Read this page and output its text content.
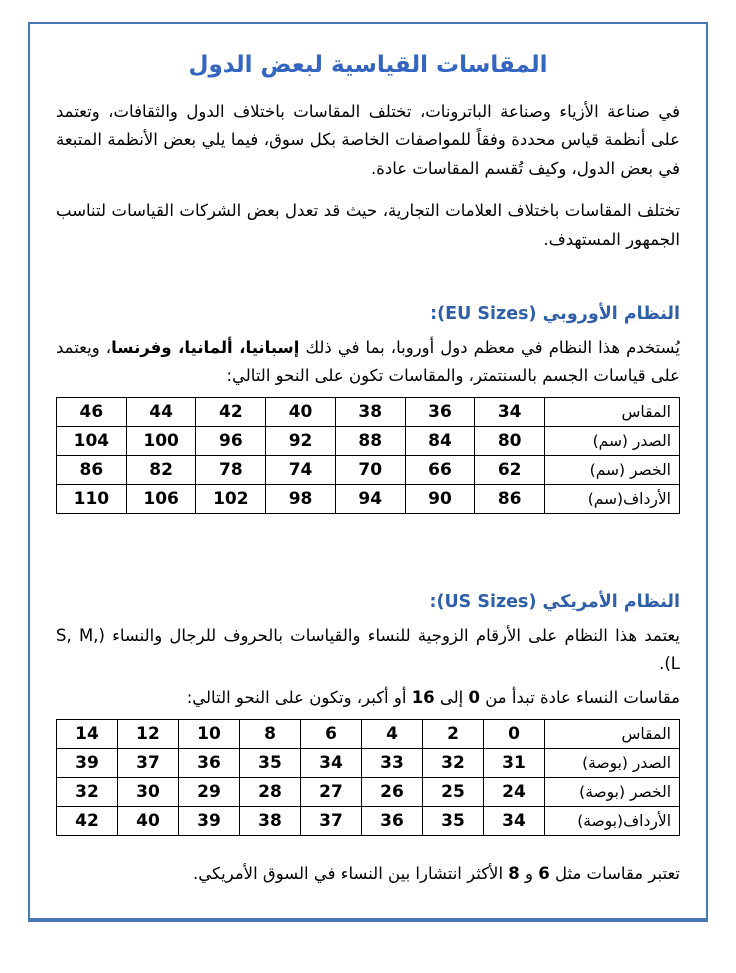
المقاسات القياسية لبعض الدول

في صناعة الأزياء وصناعة الباترونات، تختلف المقاسات باختلاف الدول والثقافات، وتعتمد على أنظمة قياس محددة وفقاً للمواصفات الخاصة بكل سوق، فيما يلي بعض الأنظمة المتبعة في بعض الدول، وكيف تُقسم المقاسات عادة.

تختلف المقاسات باختلاف العلامات التجارية، حيث قد تعدل بعض الشركات القياسات لتناسب الجمهور المستهدف.

النظام الأوروبي (EU Sizes):

يُستخدم هذا النظام في معظم دول أوروبا، بما في ذلك إسبانيا، ألمانيا، وفرنسا، ويعتمد على قياسات الجسم بالسنتمتر، والمقاسات تكون على النحو التالي:

المقاس	34	36	38	40	42	44	46
الصدر (سم)	80	84	88	92	96	100	104
الخصر (سم)	62	66	70	74	78	82	86
الأرداف(سم)	86	90	94	98	102	106	110
النظام الأمريكي (US Sizes):

يعتمد هذا النظام على الأرقام الزوجية للنساء والقياسات بالحروف للرجال والنساء (S, M, L).

مقاسات النساء عادة تبدأ من 0 إلى 16 أو أكبر، وتكون على النحو التالي:

المقاس	0	2	4	6	8	10	12	14
الصدر (بوصة)	31	32	33	34	35	36	37	39
الخصر (بوصة)	24	25	26	27	28	29	30	32
الأرداف(بوصة)	34	35	36	37	38	39	40	42

تعتبر مقاسات مثل 6 و 8 الأكثر انتشارا بين النساء في السوق الأمريكي.
